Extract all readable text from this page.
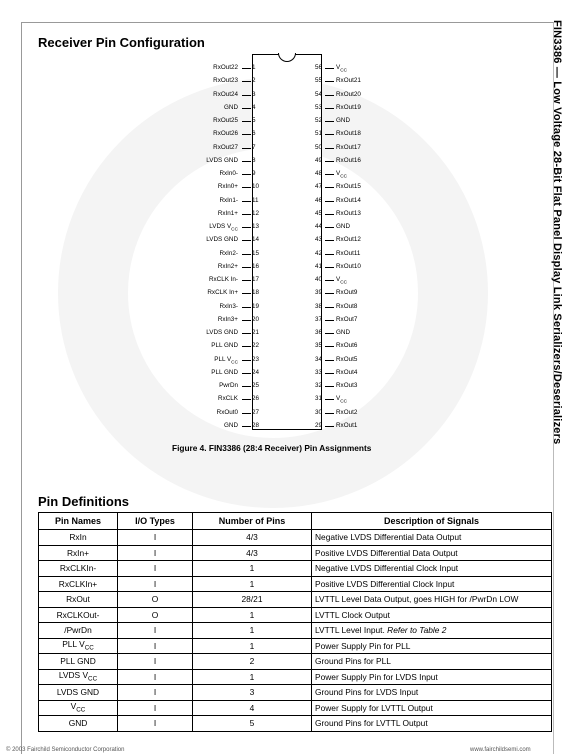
FIN3386 — Low Voltage 28-Bit Flat Panel Display Link Serializers/Deserializers
Receiver Pin Configuration
RxOut22 1
RxOut23 2
RxOut24 3
GND 4
RxOut25 5
RxOut26 6
RxOut27 7
LVDS GND 8
RxIn0- 9
RxIn0+ 10
RxIn1- 11
RxIn1+ 12
LVDS $V_{CC}$ 13
LVDS GND 14
RxIn2- 15
RxIn2+ 16
RxCLK In- 17
RxCLK In+ 18
RxIn3- 19
RxIn3+ 20
LVDS GND 21
PLL GND 22
PLL $V_{CC}$ 23
PLL GND 24
PwrDn 25
RxCLK 26
RxOut0 27
GND 28
56 $V_{CC}$
55 RxOut21
54 RxOut20
53 RxOut19
52 GND
51 RxOut18
50 RxOut17
49 RxOut16
48 $V_{CC}$
47 RxOut15
46 RxOut14
45 RxOut13
44 GND
43 RxOut12
42 RxOut11
41 RxOut10
40 $V_{CC}$
39 RxOut9
38 RxOut8
37 RxOut7
36 GND
35 RxOut6
34 RxOut5
33 RxOut4
32 RxOut3
31 $V_{CC}$
30 RxOut2
29 RxOut1
Figure 4. FIN3386 (28:4 Receiver) Pin Assignments
Pin Definitions
Pin Names	I/O Types	Number of Pins	Description of Signals
RxIn	I	4/3	Negative LVDS Differential Data Output
RxIn+	I	4/3	Positive LVDS Differential Data Output
RxCLKIn-	I	1	Negative LVDS Differential Clock Input
RxCLKIn+	I	1	Positive LVDS Differential Clock Input
RxOut	O	28/21	LVTTL Level Data Output, goes HIGH for /PwrDn LOW
RxCLKOut-	O	1	LVTTL Clock Output
/PwrDn	I	1	LVTTL Level Input. Refer to Table 2
PLL $V_{CC}$	I	1	Power Supply Pin for PLL
PLL GND	I	2	Ground Pins for PLL
LVDS $V_{CC}$	I	1	Power Supply Pin for LVDS Input
LVDS GND	I	3	Ground Pins for LVDS Input
$V_{CC}$	I	4	Power Supply for LVTTL Output
GND	I	5	Ground Pins for LVTTL Output
© 2003 Fairchild Semiconductor Corporation	www.fairchildsemi.com
